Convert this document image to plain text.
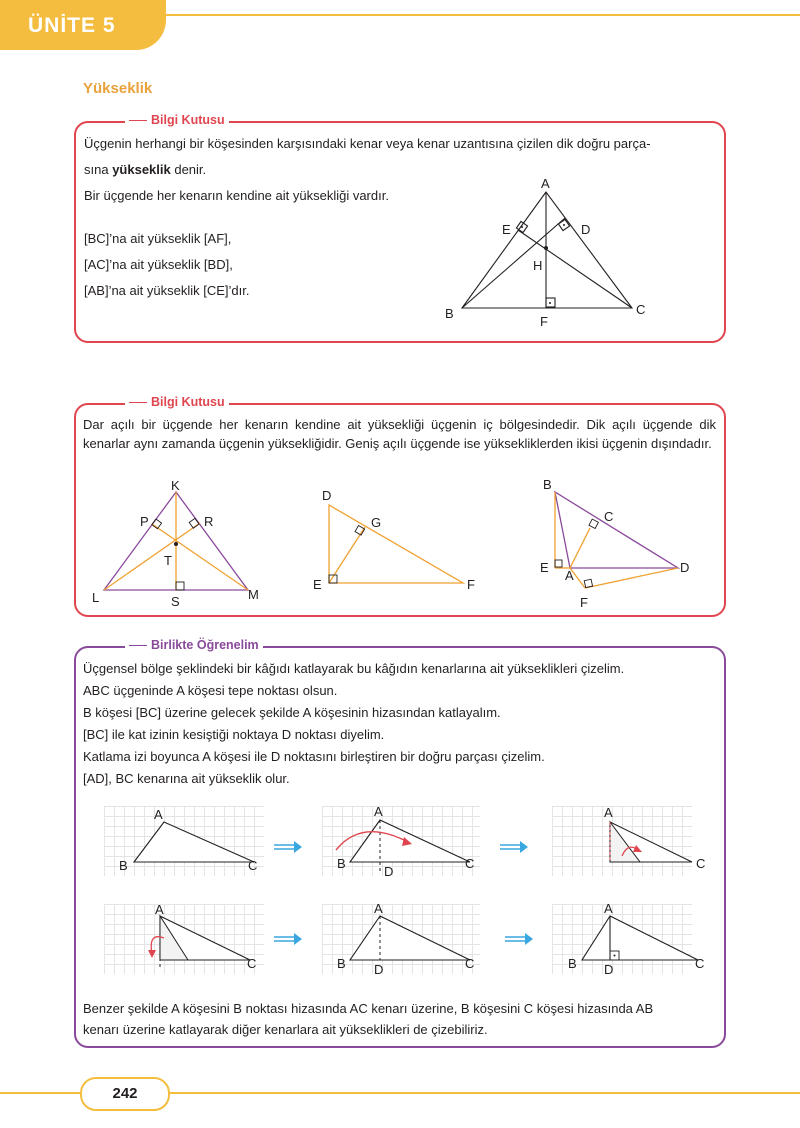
ÜNİTE 5
Yükseklik
Bilgi Kutusu
Üçgenin herhangi bir köşesinden karşısındaki kenar veya kenar uzantısına çizilen dik doğru parça-
sına yükseklik denir.
Bir üçgende her kenarın kendine ait yüksekliği vardır.
[BC]’na ait yükseklik [AF],
[AC]’na ait yükseklik [BD],
[AB]’na ait yükseklik [CE]’dır.
A
B	C
D
E
F
H
Bilgi Kutusu
Dar açılı bir üçgende her kenarın kendine ait yüksekliği üçgenin iç bölgesindedir. Dik açılı üçgende dik kenarlar aynı zamanda üçgenin yüksekliğidir. Geniş açılı üçgende ise yüksekliklerden ikisi üçgenin dışındadır.
K
P	R
T
L	S	M
D
G
E	F
B
C
E
A
D
F
Birlikte Öğrenelim
Üçgensel bölge şeklindeki bir kâğıdı katlayarak bu kâğıdın kenarlarına ait yükseklikleri çizelim.
ABC üçgeninde A köşesi tepe noktası olsun.
B köşesi [BC] üzerine gelecek şekilde A köşesinin hizasından katlayalım.
[BC] ile kat izinin kesiştiği noktaya D noktası diyelim.
Katlama izi boyunca A köşesi ile D noktasını birleştiren bir doğru parçası çizelim.
[AD], BC kenarına ait yükseklik olur.
A
B	C
A
B	C
D
A
C
A
C
A
B	C
D
A
B	C
D
Benzer şekilde A köşesini B noktası hizasında AC kenarı üzerine, B köşesini C köşesi hizasında AB
kenarı üzerine katlayarak diğer kenarlara ait yükseklikleri de çizebiliriz.
242
